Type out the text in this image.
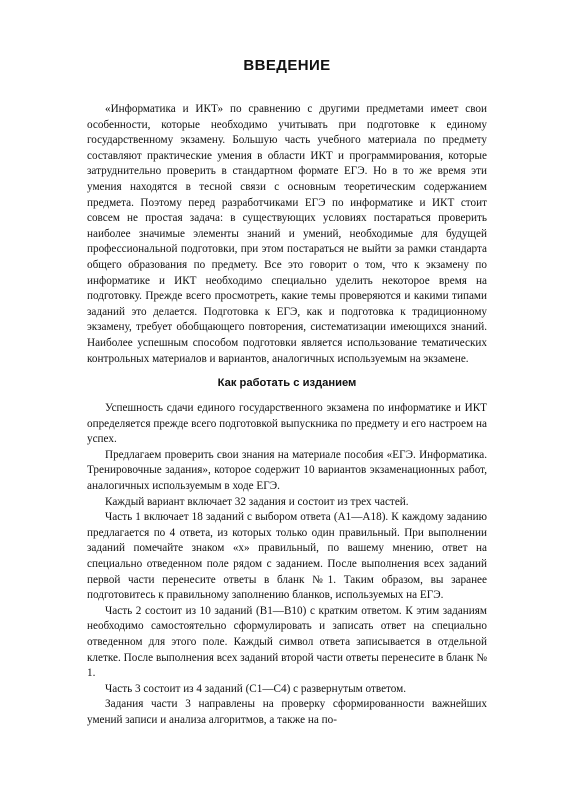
ВВЕДЕНИЕ

«Информатика и ИКТ» по сравнению с другими предметами имеет свои особенности, которые необходимо учитывать при подготовке к единому государственному экзамену. Большую часть учебного материала по предмету составляют практические умения в области ИКТ и программирования, которые затруднительно проверить в стандартном формате ЕГЭ. Но в то же время эти умения находятся в тесной связи с основным теоретическим содержанием предмета. Поэтому перед разработчиками ЕГЭ по информатике и ИКТ стоит совсем не простая задача: в существующих условиях постараться проверить наиболее значимые элементы знаний и умений, необходимые для будущей профессиональной подготовки, при этом постараться не выйти за рамки стандарта общего образования по предмету. Все это говорит о том, что к экзамену по информатике и ИКТ необходимо специально уделить некоторое время на подготовку. Прежде всего просмотреть, какие темы проверяются и какими типами заданий это делается. Подготовка к ЕГЭ, как и подготовка к традиционному экзамену, требует обобщающего повторения, систематизации имеющихся знаний. Наиболее успешным способом подготовки является использование тематических контрольных материалов и вариантов, аналогичных используемым на экзамене.

Как работать с изданием

Успешность сдачи единого государственного экзамена по информатике и ИКТ определяется прежде всего подготовкой выпускника по предмету и его настроем на успех.

Предлагаем проверить свои знания на материале пособия «ЕГЭ. Информатика. Тренировочные задания», которое содержит 10 вариантов экзаменационных работ, аналогичных используемым в ходе ЕГЭ.

Каждый вариант включает 32 задания и состоит из трех частей.

Часть 1 включает 18 заданий с выбором ответа (А1—А18). К каждому заданию предлагается по 4 ответа, из которых только один правильный. При выполнении заданий помечайте знаком «х» правильный, по вашему мнению, ответ на специально отведенном поле рядом с заданием. После выполнения всех заданий первой части перенесите ответы в бланк №1. Таким образом, вы заранее подготовитесь к правильному заполнению бланков, используемых на ЕГЭ.

Часть 2 состоит из 10 заданий (В1—В10) с кратким ответом. К этим заданиям необходимо самостоятельно сформулировать и записать ответ на специально отведенном для этого поле. Каждый символ ответа записывается в отдельной клетке. После выполнения всех заданий второй части ответы перенесите в бланк № 1.

Часть 3 состоит из 4 заданий (С1—С4) с развернутым ответом.

Задания части 3 направлены на проверку сформированности важнейших умений записи и анализа алгоритмов, а также на по-
